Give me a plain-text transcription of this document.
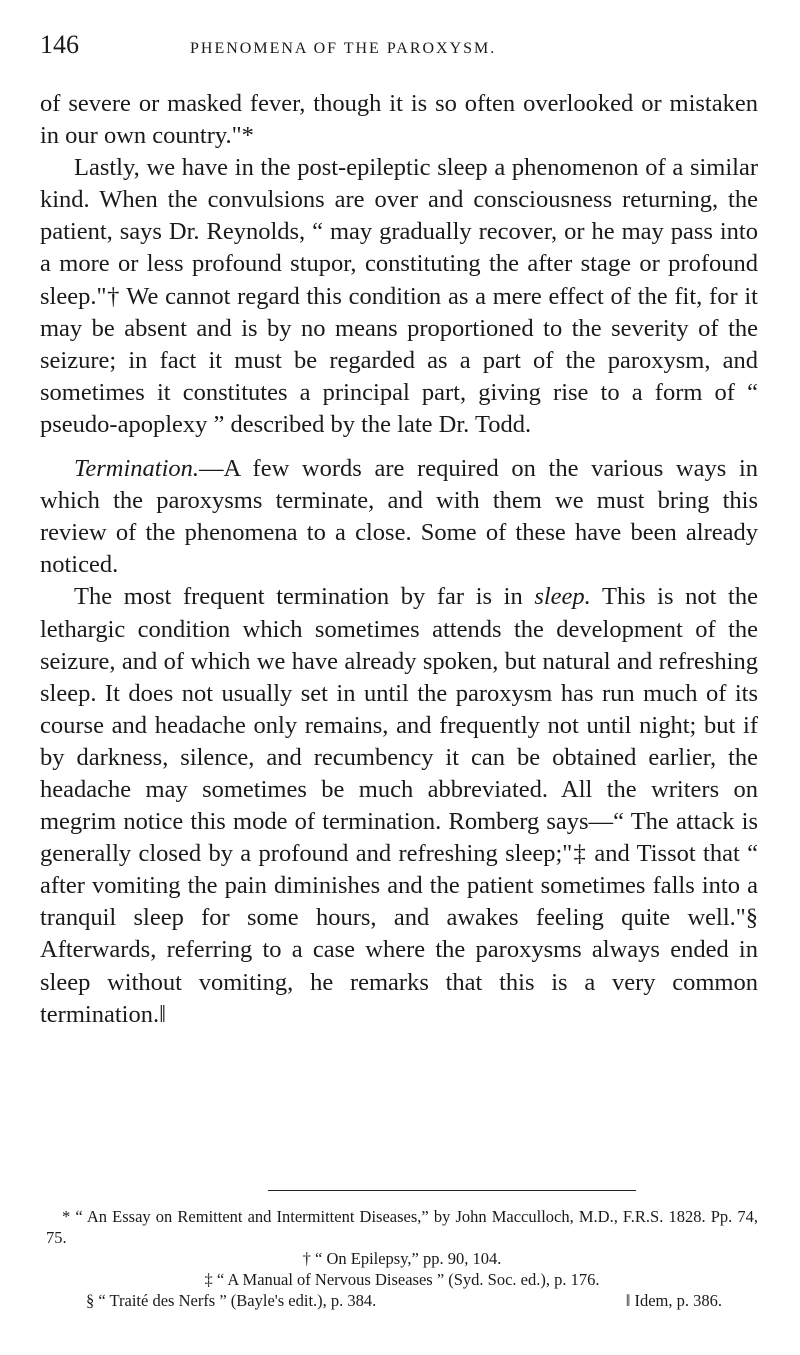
146	PHENOMENA OF THE PAROXYSM.

of severe or masked fever, though it is so often overlooked or mistaken in our own country."*

Lastly, we have in the post-epileptic sleep a phenomenon of a similar kind. When the convulsions are over and consciousness returning, the patient, says Dr. Reynolds, “ may gradually recover, or he may pass into a more or less profound stupor, constituting the after stage or profound sleep."† We cannot regard this condition as a mere effect of the fit, for it may be absent and is by no means proportioned to the severity of the seizure; in fact it must be regarded as a part of the paroxysm, and sometimes it constitutes a principal part, giving rise to a form of “ pseudo-apoplexy ” described by the late Dr. Todd.

Termination.—A few words are required on the various ways in which the paroxysms terminate, and with them we must bring this review of the phenomena to a close. Some of these have been already noticed.

The most frequent termination by far is in sleep. This is not the lethargic condition which sometimes attends the development of the seizure, and of which we have already spoken, but natural and refreshing sleep. It does not usually set in until the paroxysm has run much of its course and headache only remains, and frequently not until night; but if by darkness, silence, and recumbency it can be obtained earlier, the headache may sometimes be much abbreviated. All the writers on megrim notice this mode of termination. Romberg says—“ The attack is generally closed by a profound and refreshing sleep;"‡ and Tissot that “ after vomiting the pain diminishes and the patient sometimes falls into a tranquil sleep for some hours, and awakes feeling quite well."§ Afterwards, referring to a case where the paroxysms always ended in sleep without vomiting, he remarks that this is a very common termination.‖

* “ An Essay on Remittent and Intermittent Diseases,” by John Macculloch, M.D., F.R.S. 1828. Pp. 74, 75.

† “ On Epilepsy,” pp. 90, 104.

‡ “ A Manual of Nervous Diseases ” (Syd. Soc. ed.), p. 176.

§ “ Traité des Nerfs ” (Bayle's edit.), p. 384.	‖ Idem, p. 386.
